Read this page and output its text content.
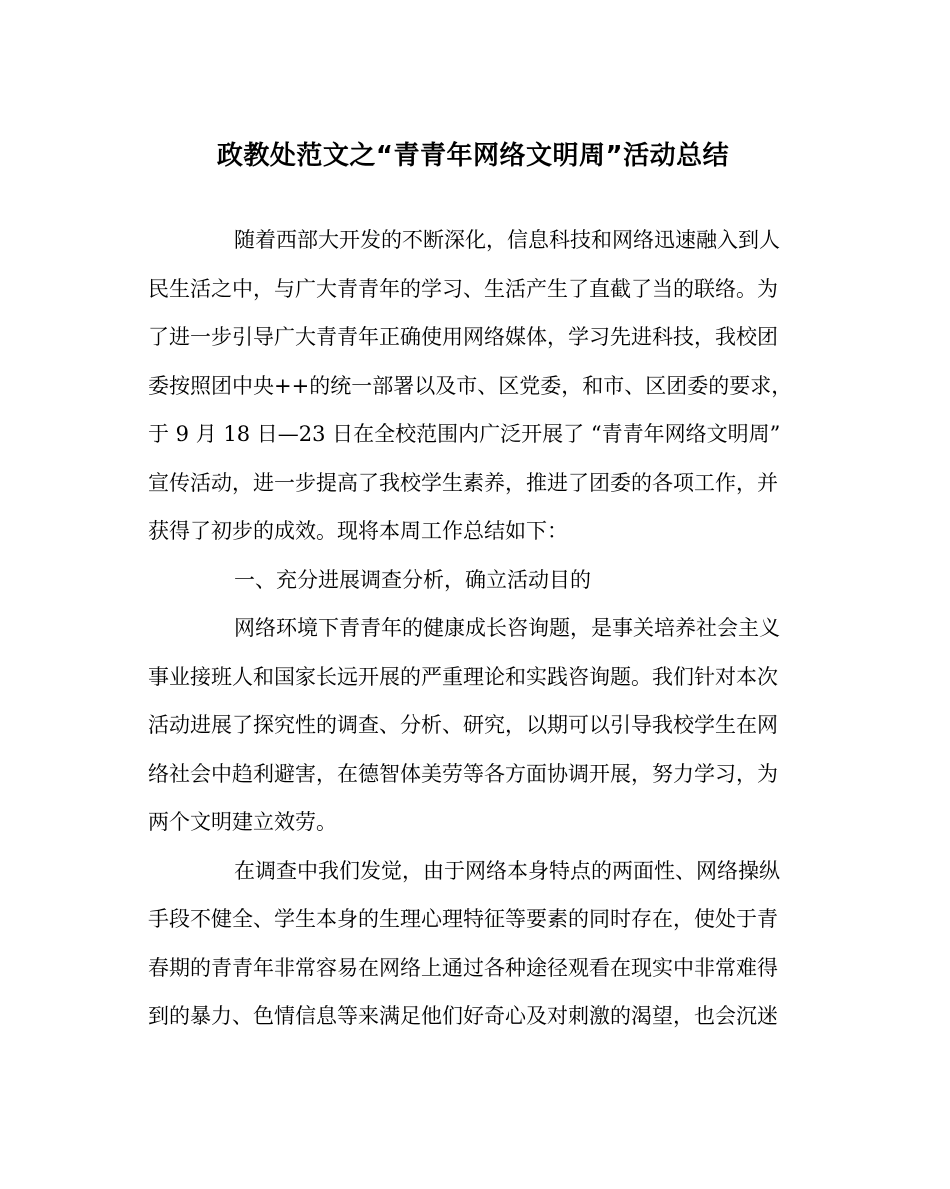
政教处范文之“青青年网络文明周”活动总结
随着西部大开发的不断深化，信息科技和网络迅速融入到人
民生活之中，与广大青青年的学习、生活产生了直截了当的联络。为
了进一步引导广大青青年正确使用网络媒体，学习先进科技，我校团
委按照团中央++的统一部署以及市、区党委，和市、区团委的要求，
于 9 月 18 日—23 日在全校范围内广泛开展了 “青青年网络文明周”
宣传活动，进一步提高了我校学生素养，推进了团委的各项工作，并
获得了初步的成效。现将本周工作总结如下：
一、充分进展调查分析，确立活动目的
网络环境下青青年的健康成长咨询题，是事关培养社会主义
事业接班人和国家长远开展的严重理论和实践咨询题。我们针对本次
活动进展了探究性的调查、分析、研究，以期可以引导我校学生在网
络社会中趋利避害，在德智体美劳等各方面协调开展，努力学习，为
两个文明建立效劳。
在调查中我们发觉，由于网络本身特点的两面性、网络操纵
手段不健全、学生本身的生理心理特征等要素的同时存在，使处于青
春期的青青年非常容易在网络上通过各种途径观看在现实中非常难得
到的暴力、色情信息等来满足他们好奇心及对刺激的渴望，也会沉迷
